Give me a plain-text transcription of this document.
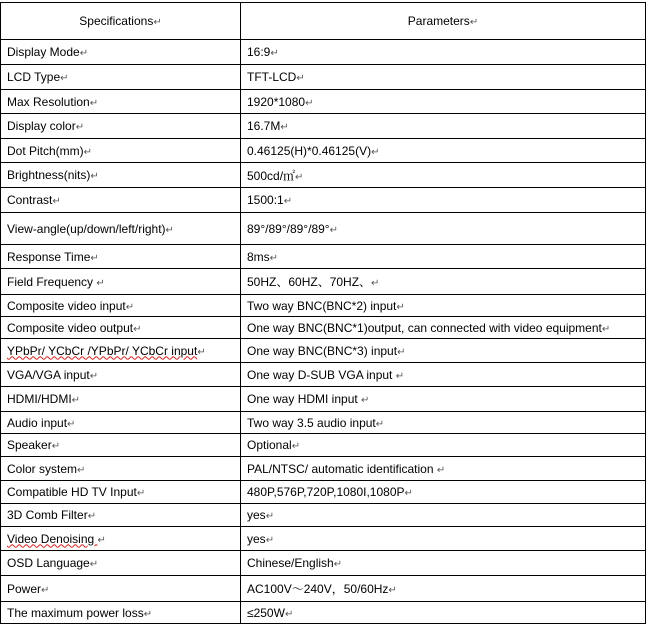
Specifications↵	Parameters↵
Display Mode↵	16:9↵
LCD Type↵	TFT-LCD↵
Max Resolution↵	1920*1080↵
Display color↵	16.7M↵
Dot Pitch(mm)↵	0.46125(H)*0.46125(V)↵
Brightness(nits)↵	500cd/㎡↵
Contrast↵	1500:1↵
View-angle(up/down/left/right)↵	89°/89°/89°/89°↵
Response Time↵	8ms↵
Field Frequency ↵	50HZ、60HZ、70HZ、↵
Composite video input↵	Two way BNC(BNC*2) input↵
Composite video output↵	One way BNC(BNC*1)output, can connected with video equipment↵
YPbPr/ YCbCr /YPbPr/ YCbCr input↵	One way BNC(BNC*3) input↵
VGA/VGA input↵	One way D-SUB VGA input ↵
HDMI/HDMI↵	One way HDMI input ↵
Audio input↵	Two way 3.5 audio input↵
Speaker↵	Optional↵
Color system↵	PAL/NTSC/ automatic identification ↵
Compatible HD TV Input↵	480P,576P,720P,1080I,1080P↵
3D Comb Filter↵	yes↵
Video Denoising ↵	yes↵
OSD Language↵	Chinese/English↵
Power↵	AC100V～240V，50/60Hz↵
The maximum power loss↵	≤250W↵
